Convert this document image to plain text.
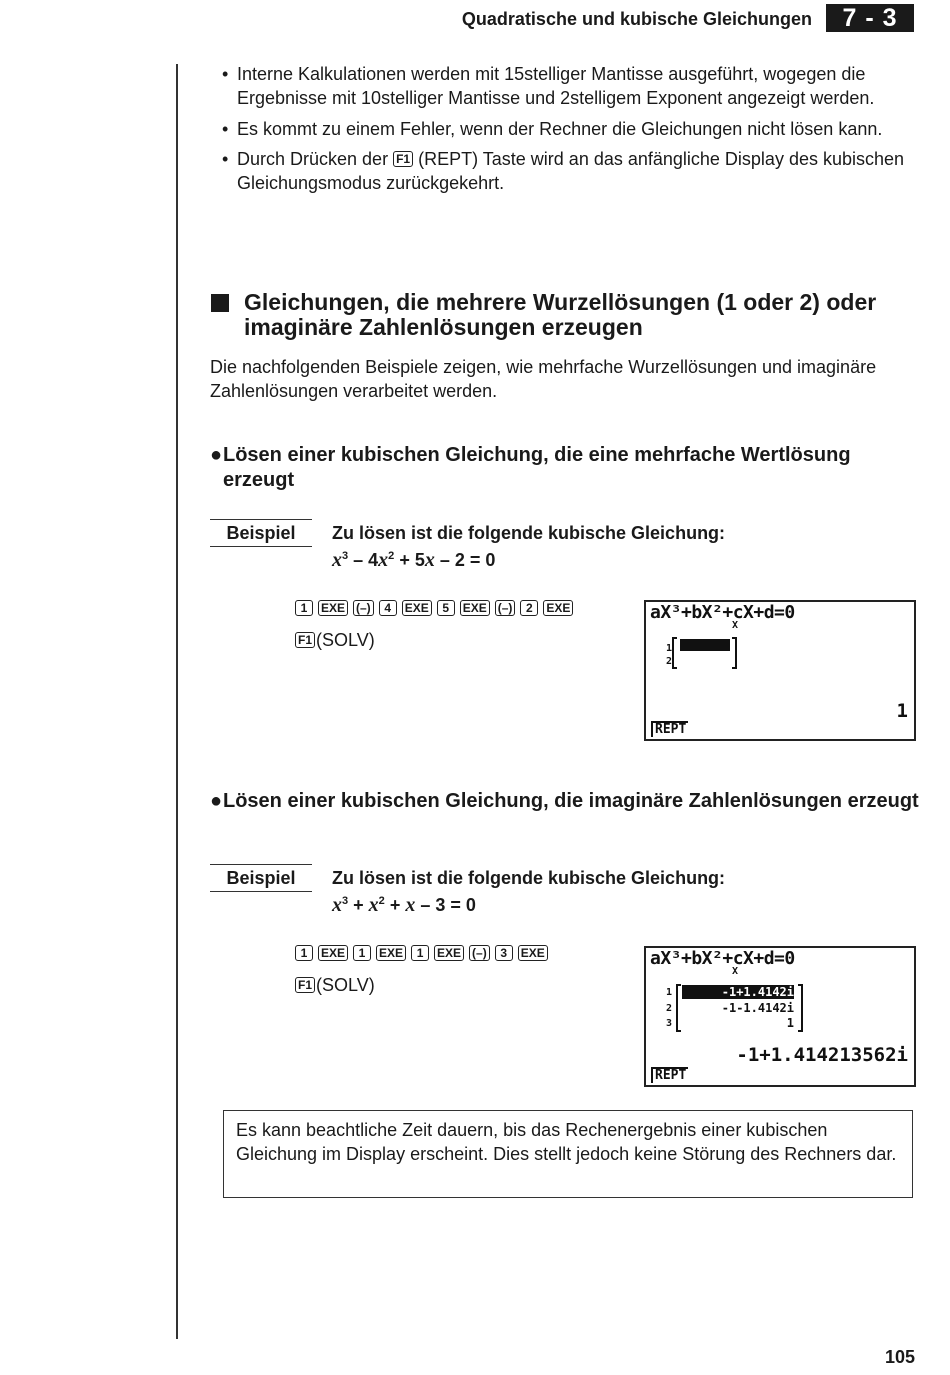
Quadratische und kubische Gleichungen	7 - 3
• Interne Kalkulationen werden mit 15stelliger Mantisse ausgeführt, wogegen die Ergebnisse mit 10stelliger Mantisse und 2stelligem Exponent angezeigt werden.
• Es kommt zu einem Fehler, wenn der Rechner die Gleichungen nicht lösen kann.
• Durch Drücken der F1 (REPT) Taste wird an das anfängliche Display des kubischen Gleichungsmodus zurückgekehrt.
Gleichungen, die mehrere Wurzellösungen (1 oder 2) oder imaginäre Zahlenlösungen erzeugen
Die nachfolgenden Beispiele zeigen, wie mehrfache Wurzellösungen und imaginäre Zahlenlösungen verarbeitet werden.
● Lösen einer kubischen Gleichung, die eine mehrfache Wertlösung erzeugt
Beispiel	Zu lösen ist die folgende kubische Gleichung:
$x^3 - 4x^2 + 5x - 2 = 0$
1 EXE (–) 4 EXE 5 EXE (–) 2 EXE
F1 (SOLV)
aX³+bX²+cX+d=0
X
1
2
1
REPT
● Lösen einer kubischen Gleichung, die imaginäre Zahlenlösungen erzeugt
Beispiel	Zu lösen ist die folgende kubische Gleichung:
$x^3 + x^2 + x - 3 = 0$
1 EXE 1 EXE 1 EXE (–) 3 EXE
F1 (SOLV)
aX³+bX²+cX+d=0
X
1
2
3
-1+1.4142i
-1-1.4142i
1
-1+1.414213562i
REPT
Es kann beachtliche Zeit dauern, bis das Rechenergebnis einer kubischen Gleichung im Display erscheint. Dies stellt jedoch keine Störung des Rechners dar.
105
